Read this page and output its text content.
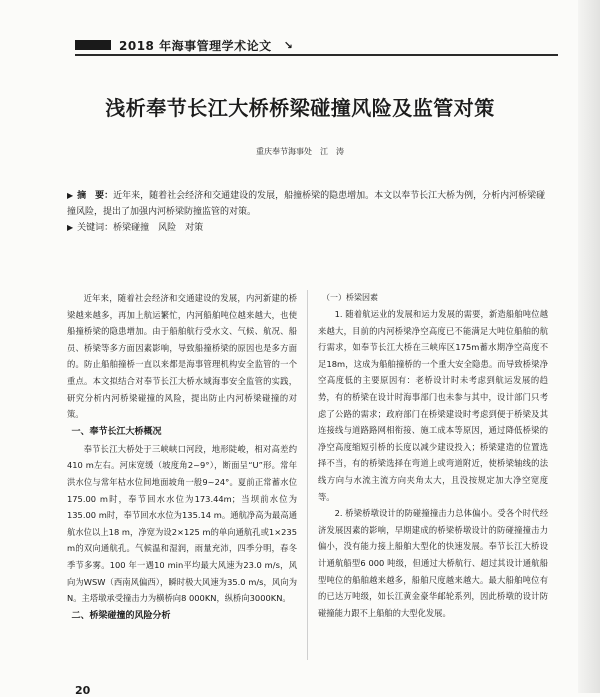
2018 年海事管理学术论文 ↘
浅析奉节长江大桥桥梁碰撞风险及监管对策
重庆奉节海事处　江　涛

▶ 摘　要：近年来，随着社会经济和交通建设的发展，船撞桥梁的隐患增加。本文以奉节长江大桥为例，分析内河桥梁碰撞风险，提出了加强内河桥梁防撞监管的对策。

▶ 关键词：桥梁碰撞　风险　对策

近年来，随着社会经济和交通建设的发展，内河新建的桥梁越来越多，再加上航运繁忙，内河船舶吨位越来越大，也使船撞桥梁的隐患增加。由于船舶航行受水文、气候、航况、船员、桥梁等多方面因素影响，导致船撞桥梁的原因也是多方面的。防止船舶撞桥一直以来都是海事管理机构安全监管的一个重点。本文拟结合对奉节长江大桥水域海事安全监管的实践，研究分析内河桥梁碰撞的风险，提出防止内河桥梁碰撞的对策。

一、奉节长江大桥概况

奉节长江大桥处于三峡峡口河段，地形陡峻，相对高差约410 m左右。河床宽缓（坡度角2~9°），断面呈“U”形。常年洪水位与常年枯水位间地面坡角一般9~24°。夏前正常蓄水位175.00 m时，奉节回水水位为173.44m；当坝前水位为135.00 m时，奉节回水水位为135.14 m。通航净高为最高通航水位以上18 m，净宽为设2×125 m的单向通航孔或1×235 m的双向通航孔。气候温和湿润，雨量充沛，四季分明，春冬季节多雾。100 年一遇10 min平均最大风速为23.0 m/s，风向为WSW（西南风偏西），瞬时极大风速为35.0 m/s，风向为N。主塔墩承受撞击力为横桥向8 000KN，纵桥向3000KN。

二、桥梁碰撞的风险分析

（一）桥梁因素

1. 随着航运业的发展和运力发展的需要，新造船舶吨位越来越大，目前的内河桥梁净空高度已不能满足大吨位船舶的航行需求，如奉节长江大桥在三峡库区175m蓄水期净空高度不足18m，这成为船舶撞桥的一个重大安全隐患。而导致桥梁净空高度低的主要原因有：老桥设计时未考虑到航运发展的趋势，有的桥梁在设计时海事部门也未参与其中，设计部门只考虑了公路的需求；政府部门在桥梁建设时考虑到便于桥梁及其连接线与道路路网相衔接、施工成本等原因，通过降低桥梁的净空高度缩短引桥的长度以减少建设投入；桥梁建造的位置选择不当，有的桥梁选择在弯道上或弯道附近，使桥梁轴线的法线方向与水流主流方向夹角太大，且没按规定加大净空宽度等。

2. 桥梁桥墩设计的防碰撞撞击力总体偏小。受各个时代经济发展因素的影响，早期建成的桥梁桥墩设计的防碰撞撞击力偏小，没有能力接上船舶大型化的快速发展。奉节长江大桥设计通航船型6 000 吨级，但通过大桥航行、超过其设计通航船型吨位的船舶越来越多，船舶尺度越来越大。最大船舶吨位有的已达万吨级，如长江黄金豪华邮轮系列，因此桥墩的设计防碰撞能力跟不上船舶的大型化发展。

20
